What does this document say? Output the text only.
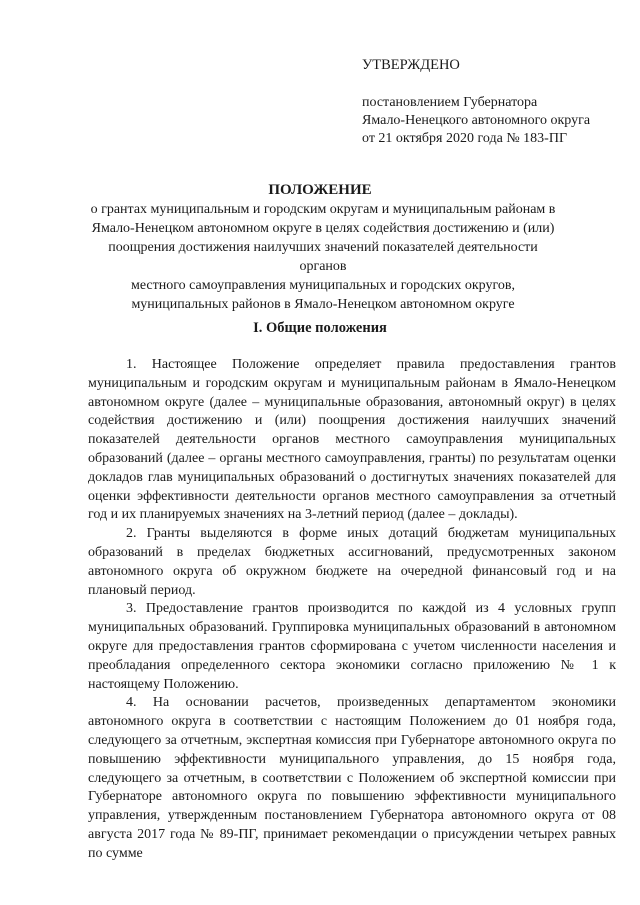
УТВЕРЖДЕНО
постановлением Губернатора
Ямало-Ненецкого автономного округа
от 21 октября 2020 года № 183-ПГ
ПОЛОЖЕНИЕ
о грантах муниципальным и городским округам и муниципальным районам в
Ямало-Ненецком автономном округе в целях содействия достижению и (или)
поощрения достижения наилучших значений показателей деятельности органов
местного самоуправления муниципальных и городских округов,
муниципальных районов в Ямало-Ненецком автономном округе
I. Общие положения

1. Настоящее Положение определяет правила предоставления грантов муниципальным и городским округам и муниципальным районам в Ямало-Ненецком автономном округе (далее – муниципальные образования, автономный округ) в целях содействия достижению и (или) поощрения достижения наилучших значений показателей деятельности органов местного самоуправления муниципальных образований (далее – органы местного самоуправления, гранты) по результатам оценки докладов глав муниципальных образований о достигнутых значениях показателей для оценки эффективности деятельности органов местного самоуправления за отчетный год и их планируемых значениях на 3-летний период (далее – доклады).

2. Гранты выделяются в форме иных дотаций бюджетам муниципальных образований в пределах бюджетных ассигнований, предусмотренных законом автономного округа об окружном бюджете на очередной финансовый год и на плановый период.

3. Предоставление грантов производится по каждой из 4 условных групп муниципальных образований. Группировка муниципальных образований в автономном округе для предоставления грантов сформирована с учетом численности населения и преобладания определенного сектора экономики согласно приложению № 1 к настоящему Положению.

4. На основании расчетов, произведенных департаментом экономики автономного округа в соответствии с настоящим Положением до 01 ноября года, следующего за отчетным, экспертная комиссия при Губернаторе автономного округа по повышению эффективности муниципального управления, до 15 ноября года, следующего за отчетным, в соответствии с Положением об экспертной комиссии при Губернаторе автономного округа по повышению эффективности муниципального управления, утвержденным постановлением Губернатора автономного округа от 08 августа 2017 года № 89-ПГ, принимает рекомендации о присуждении четырех равных по сумме
